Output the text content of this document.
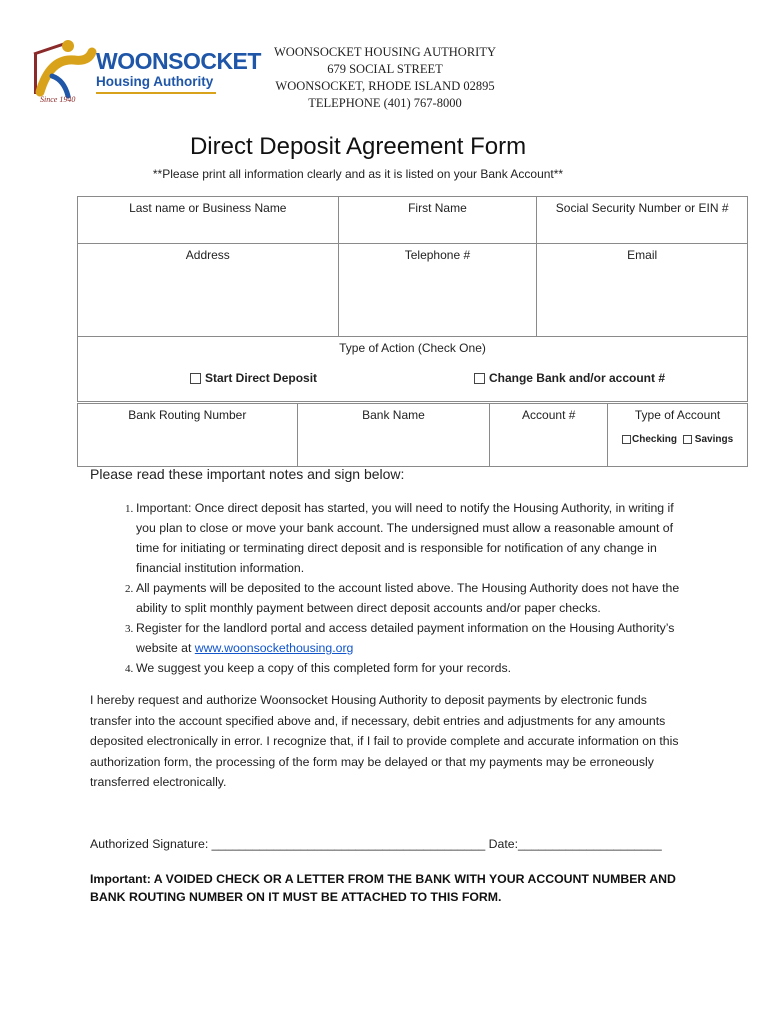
WOONSOCKET
Housing Authority
Since 1940
WOONSOCKET HOUSING AUTHORITY
679 SOCIAL STREET
WOONSOCKET, RHODE ISLAND 02895
TELEPHONE (401) 767-8000
Direct Deposit Agreement Form
**Please print all information clearly and as it is listed on your Bank Account**
Last name or Business Name	First Name	Social Security Number or EIN #
Address	Telephone #	Email

Type of Action (Check One)
Start Direct Deposit Change Bank and/or account #		
Bank Routing Number	Bank Name	Account #	Type of Account
Checking Savings
Please read these important notes and sign below:
1. Important: Once direct deposit has started, you will need to notify the Housing Authority, in writing if you plan to close or move your bank account. The undersigned must allow a reasonable amount of time for initiating or terminating direct deposit and is responsible for notification of any change in financial institution information.
2. All payments will be deposited to the account listed above. The Housing Authority does not have the ability to split monthly payment between direct deposit accounts and/or paper checks.
3. Register for the landlord portal and access detailed payment information on the Housing Authority’s website at www.woonsockethousing.org
4. We suggest you keep a copy of this completed form for your records.
I hereby request and authorize Woonsocket Housing Authority to deposit payments by electronic funds transfer into the account specified above and, if necessary, debit entries and adjustments for any amounts deposited electronically in error. I recognize that, if I fail to provide complete and accurate information on this authorization form, the processing of the form may be delayed or that my payments may be erroneously transferred electronically.
Authorized Signature: ________________________________________ Date:_____________________
Important: A VOIDED CHECK OR A LETTER FROM THE BANK WITH YOUR ACCOUNT NUMBER AND BANK ROUTING NUMBER ON IT MUST BE ATTACHED TO THIS FORM.
